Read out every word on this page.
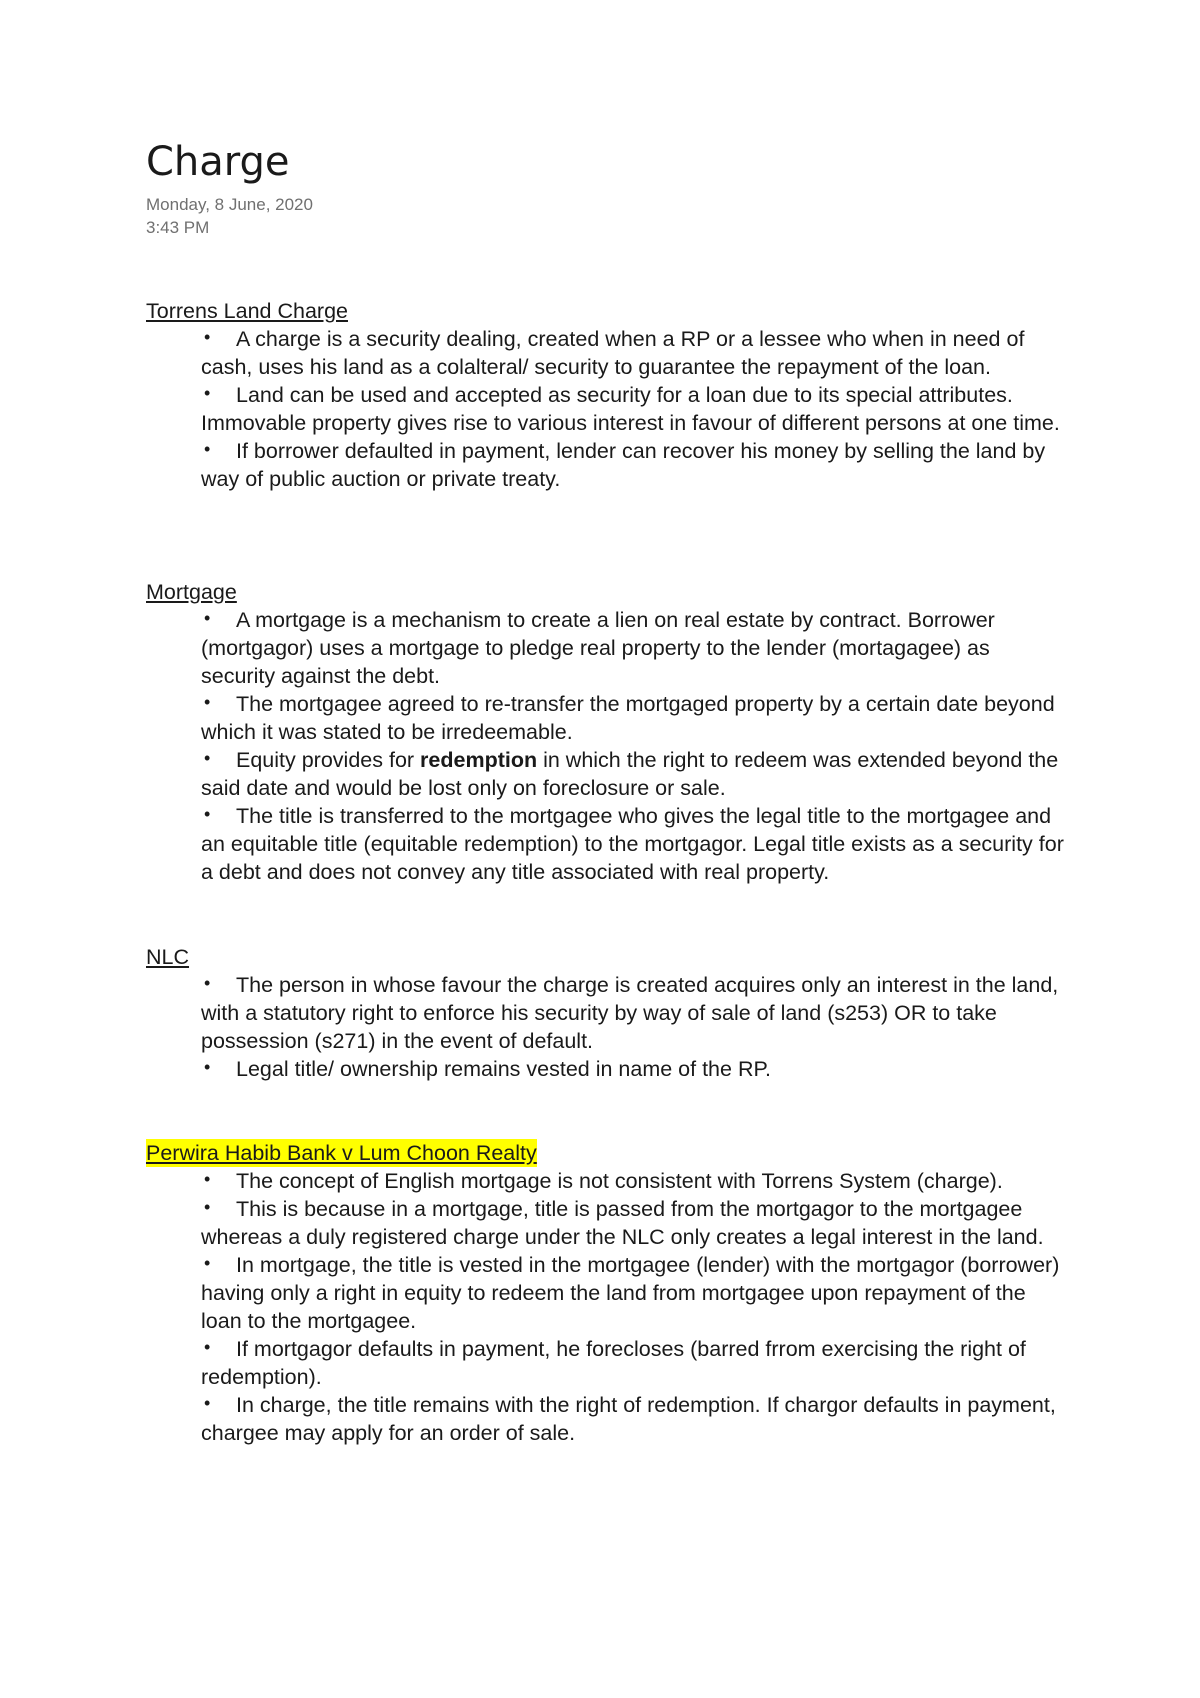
Charge
Monday, 8 June, 2020
3:43 PM
Torrens Land Charge
A charge is a security dealing, created when a RP or a lessee who when in need of cash, uses his land as a colalteral/ security to guarantee the repayment of the loan.
Land can be used and accepted as security for a loan due to its special attributes. Immovable property gives rise to various interest in favour of different persons at one time.
If borrower defaulted in payment, lender can recover his money by selling the land by way of public auction or private treaty.
Mortgage
A mortgage is a mechanism to create a lien on real estate by contract. Borrower (mortgagor) uses a mortgage to pledge real property to the lender (mortagagee) as security against the debt.
The mortgagee agreed to re-transfer the mortgaged property by a certain date beyond which it was stated to be irredeemable.
Equity provides for redemption in which the right to redeem was extended beyond the said date and would be lost only on foreclosure or sale.
The title is transferred to the mortgagee who gives the legal title to the mortgagee and an equitable title (equitable redemption) to the mortgagor. Legal title exists as a security for a debt and does not convey any title associated with real property.
NLC
The person in whose favour the charge is created acquires only an interest in the land, with a statutory right to enforce his security by way of sale of land (s253) OR to take possession (s271) in the event of default.
Legal title/ ownership remains vested in name of the RP.
Perwira Habib Bank v Lum Choon Realty
The concept of English mortgage is not consistent with Torrens System (charge).
This is because in a mortgage, title is passed from the mortgagor to the mortgagee whereas a duly registered charge under the NLC only creates a legal interest in the land.
In mortgage, the title is vested in the mortgagee (lender) with the mortgagor (borrower) having only a right in equity to redeem the land from mortgagee upon repayment of the loan to the mortgagee.
If mortgagor defaults in payment, he forecloses (barred frrom exercising the right of redemption).
In charge, the title remains with the right of redemption. If chargor defaults in payment, chargee may apply for an order of sale.
